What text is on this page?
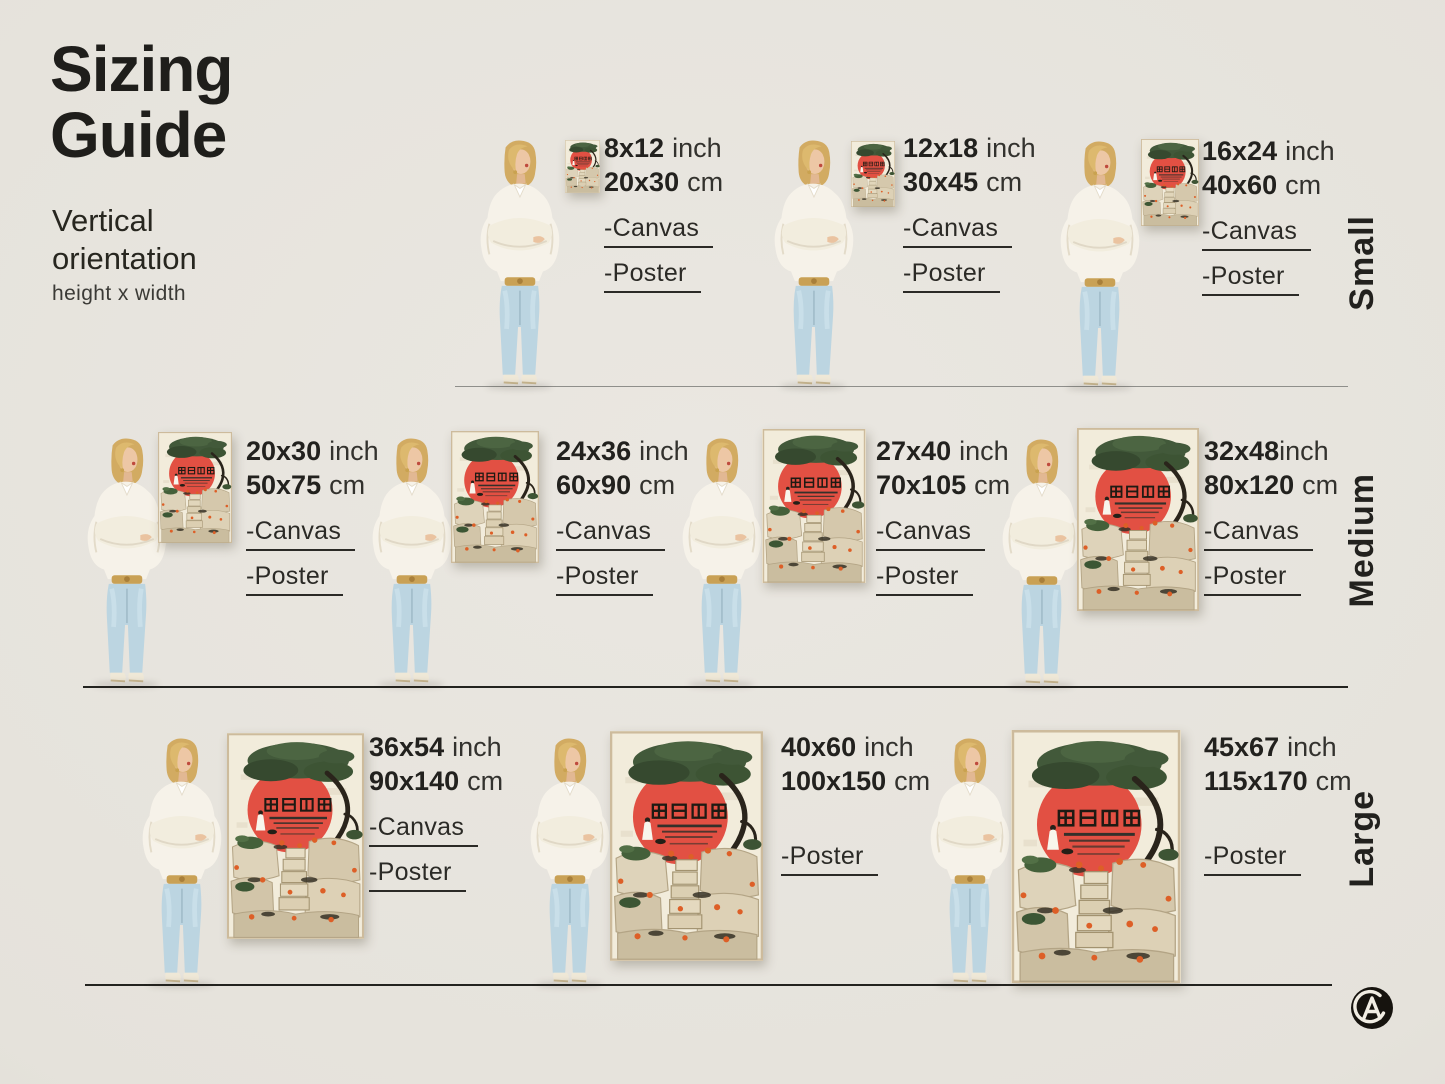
Sizing Guide
Vertical orientation
height x width	Small
Medium
Large
8x12 inch
20x30 cm
-Canvas
-Poster
12x18 inch
30x45 cm
-Canvas
-Poster
16x24 inch
40x60 cm
-Canvas
-Poster
20x30 inch
50x75 cm
-Canvas
-Poster
24x36 inch
60x90 cm
-Canvas
-Poster
27x40 inch
70x105 cm
-Canvas
-Poster
32x48inch
80x120 cm
-Canvas
-Poster
36x54 inch
90x140 cm
-Canvas
-Poster
40x60 inch
100x150 cm
-Poster
45x67 inch
115x170 cm
-Poster
